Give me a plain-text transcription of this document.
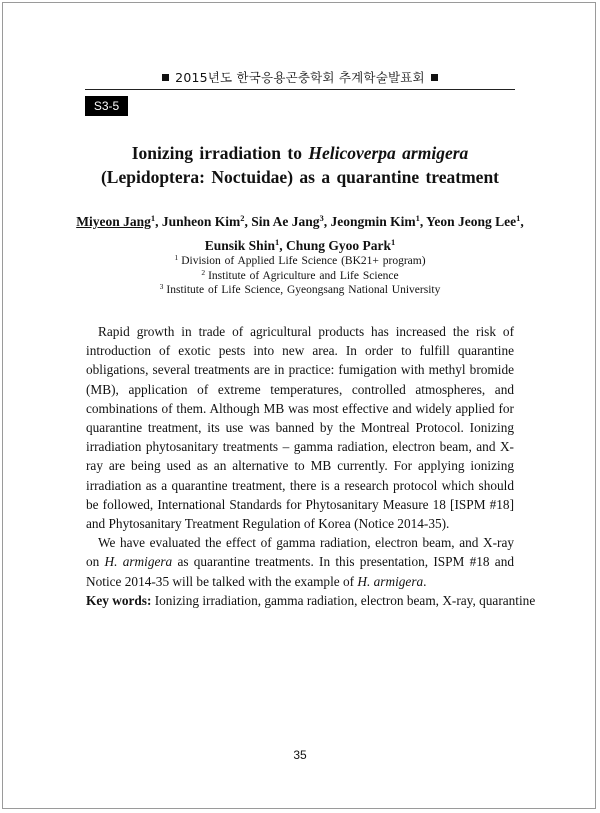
2015년도 한국응용곤충학회 추계학술발표회
S3-5
Ionizing irradiation to Helicoverpa armigera
(Lepidoptera: Noctuidae) as a quarantine treatment
Miyeon Jang$^1$, Junheon Kim$^2$, Sin Ae Jang$^3$, Jeongmin Kim$^1$, Yeon Jeong Lee$^1$,
Eunsik Shin$^1$, Chung Gyoo Park$^1$
$^1$ Division of Applied Life Science (BK21+ program)
$^2$ Institute of Agriculture and Life Science
$^3$ Institute of Life Science, Gyeongsang National University

Rapid growth in trade of agricultural products has increased the risk of introduction of exotic pests into new area. In order to fulfill quarantine obligations, several treatments are in practice: fumigation with methyl bromide (MB), application of extreme temperatures, controlled atmospheres, and combinations of them. Although MB was most effective and widely applied for quarantine treatment, its use was banned by the Montreal Protocol. Ionizing irradiation phytosanitary treatments – gamma radiation, electron beam, and X-ray are being used as an alternative to MB currently. For applying ionizing irradiation as a quarantine treatment, there is a research protocol which should be followed, International Standards for Phytosanitary Measure 18 [ISPM #18] and Phytosanitary Treatment Regulation of Korea (Notice 2014-35).

We have evaluated the effect of gamma radiation, electron beam, and X-ray on H. armigera as quarantine treatments. In this presentation, ISPM #18 and Notice 2014-35 will be talked with the example of H. armigera.

Key words: Ionizing irradiation, gamma radiation, electron beam, X-ray, quarantine
35
